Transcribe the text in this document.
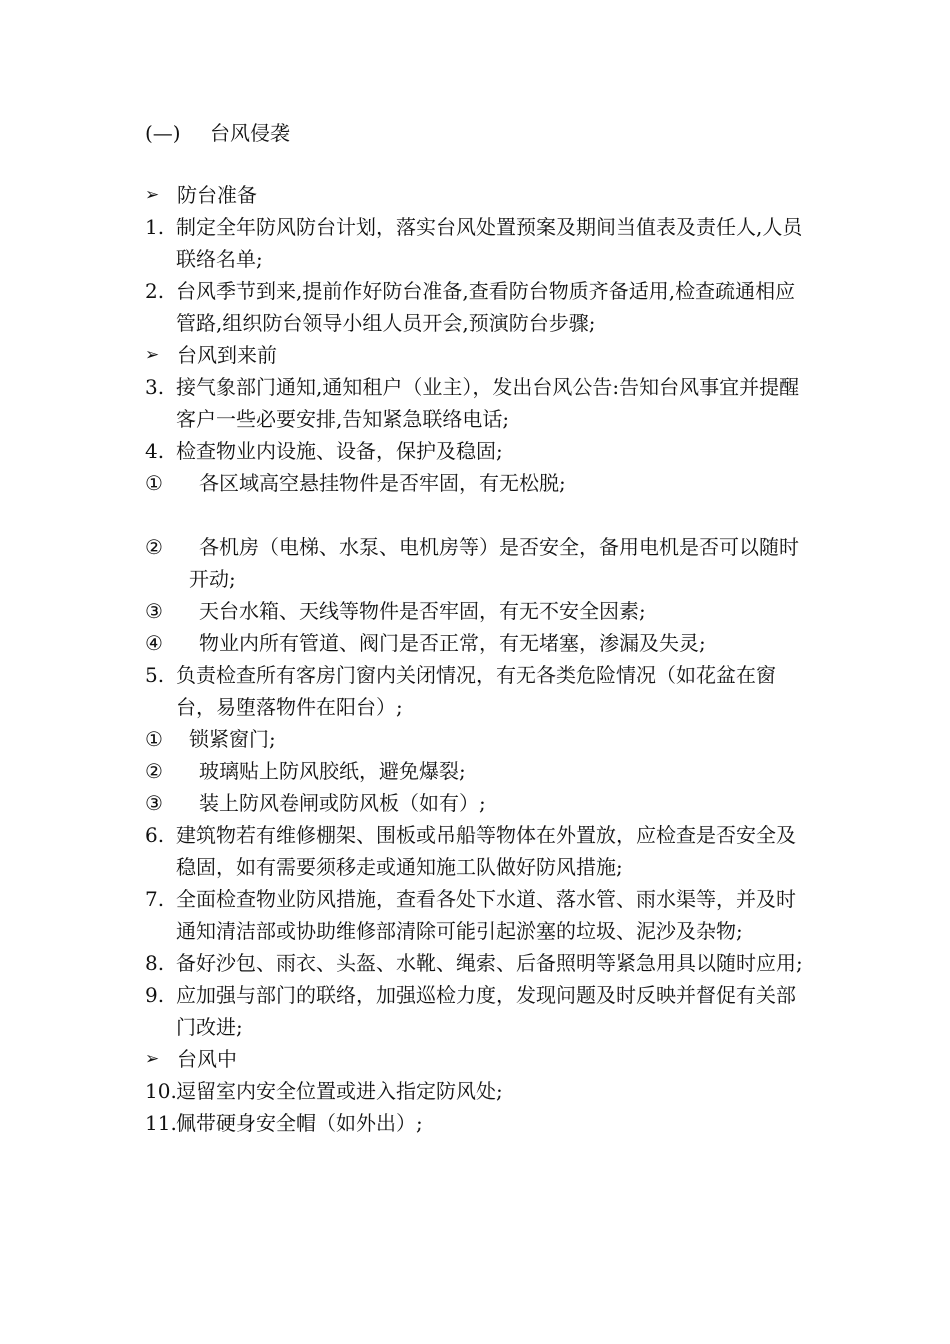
(—) 台风侵袭
➢ 防台准备
1. 制定全年防风防台计划，落实台风处置预案及期间当值表及责任人,人员联络名单;
2. 台风季节到来,提前作好防台准备,查看防台物质齐备适用,检查疏通相应管路,组织防台领导小组人员开会,预演防台步骤;
➢ 台风到来前
3. 接气象部门通知,通知租户（业主），发出台风公告:告知台风事宜并提醒客户一些必要安排,告知紧急联络电话;
4. 检查物业内设施、设备，保护及稳固;
①	各区域高空悬挂物件是否牢固，有无松脱;
②	各机房（电梯、水泵、电机房等）是否安全，备用电机是否可以随时开动;
③	天台水箱、天线等物件是否牢固，有无不安全因素;
④	物业内所有管道、阀门是否正常，有无堵塞，渗漏及失灵;
5. 负责检查所有客房门窗内关闭情况，有无各类危险情况（如花盆在窗台，易堕落物件在阳台）;
①	锁紧窗门;
②	玻璃贴上防风胶纸，避免爆裂;
③	装上防风卷闸或防风板（如有）;
6. 建筑物若有维修棚架、围板或吊船等物体在外置放，应检查是否安全及稳固，如有需要须移走或通知施工队做好防风措施;
7. 全面检查物业防风措施，查看各处下水道、落水管、雨水渠等，并及时通知清洁部或协助维修部清除可能引起淤塞的垃圾、泥沙及杂物;
8. 备好沙包、雨衣、头盔、水靴、绳索、后备照明等紧急用具以随时应用;
9. 应加强与部门的联络，加强巡检力度，发现问题及时反映并督促有关部门改进;
➢ 台风中
10. 逗留室内安全位置或进入指定防风处;
11. 佩带硬身安全帽（如外出）;
